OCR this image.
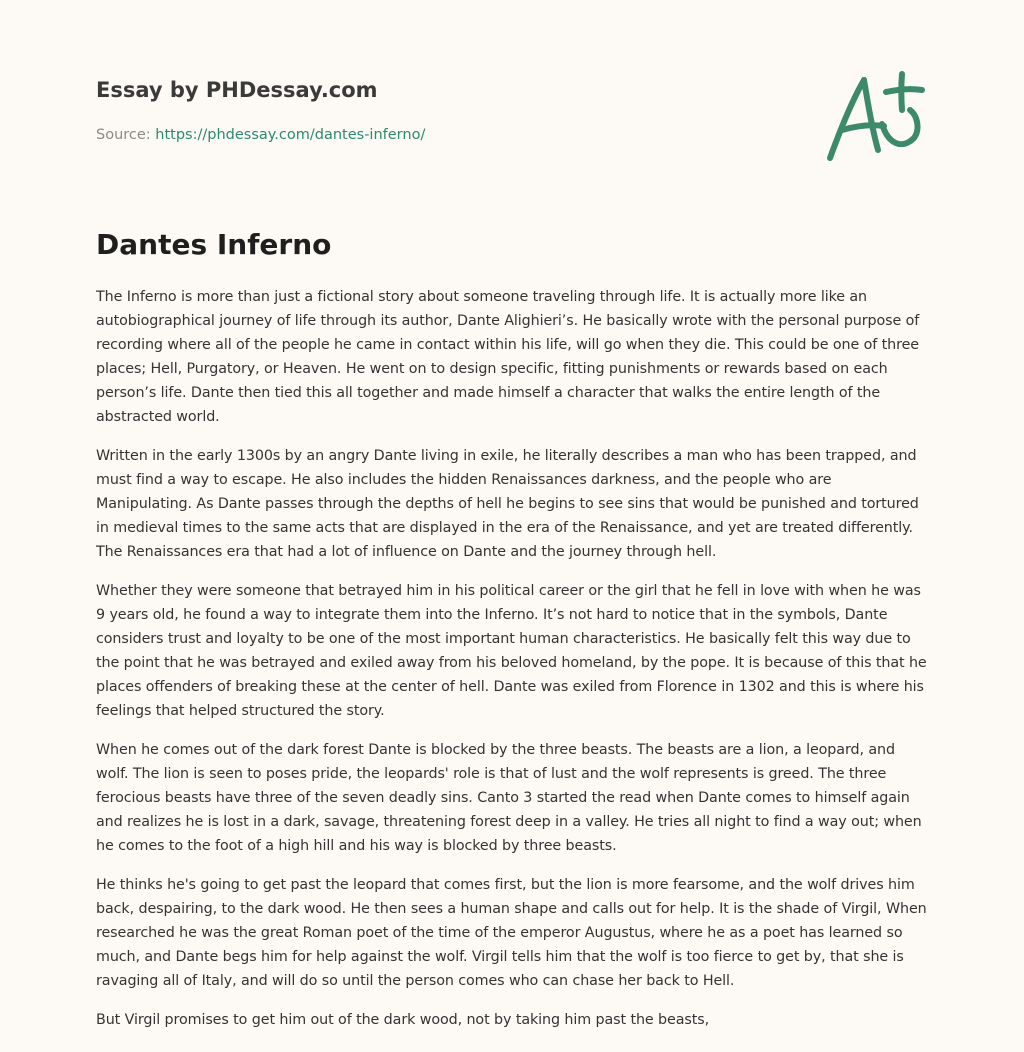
Essay by PHDessay.com
Source: https://phdessay.com/dantes-inferno/
Dantes Inferno

The Inferno is more than just a fictional story about someone traveling through life. It is actually more like an autobiographical journey of life through its author, Dante Alighieri’s. He basically wrote with the personal purpose of recording where all of the people he came in contact within his life, will go when they die. This could be one of three places; Hell, Purgatory, or Heaven. He went on to design specific, fitting punishments or rewards based on each person’s life. Dante then tied this all together and made himself a character that walks the entire length of the abstracted world.

Written in the early 1300s by an angry Dante living in exile, he literally describes a man who has been trapped, and must find a way to escape. He also includes the hidden Renaissances darkness, and the people who are Manipulating. As Dante passes through the depths of hell he begins to see sins that would be punished and tortured in medieval times to the same acts that are displayed in the era of the Renaissance, and yet are treated differently. The Renaissances era that had a lot of influence on Dante and the journey through hell.

Whether they were someone that betrayed him in his political career or the girl that he fell in love with when he was 9 years old, he found a way to integrate them into the Inferno. It’s not hard to notice that in the symbols, Dante considers trust and loyalty to be one of the most important human characteristics. He basically felt this way due to the point that he was betrayed and exiled away from his beloved homeland, by the pope. It is because of this that he places offenders of breaking these at the center of hell. Dante was exiled from Florence in 1302 and this is where his feelings that helped structured the story.

When he comes out of the dark forest Dante is blocked by the three beasts. The beasts are a lion, a leopard, and wolf. The lion is seen to poses pride, the leopards' role is that of lust and the wolf represents is greed. The three ferocious beasts have three of the seven deadly sins. Canto 3 started the read when Dante comes to himself again and realizes he is lost in a dark, savage, threatening forest deep in a valley. He tries all night to find a way out; when he comes to the foot of a high hill and his way is blocked by three beasts.

He thinks he's going to get past the leopard that comes first, but the lion is more fearsome, and the wolf drives him back, despairing, to the dark wood. He then sees a human shape and calls out for help. It is the shade of Virgil, When researched he was the great Roman poet of the time of the emperor Augustus, where he as a poet has learned so much, and Dante begs him for help against the wolf. Virgil tells him that the wolf is too fierce to get by, that she is ravaging all of Italy, and will do so until the person comes who can chase her back to Hell.

But Virgil promises to get him out of the dark wood, not by taking him past the beasts,
